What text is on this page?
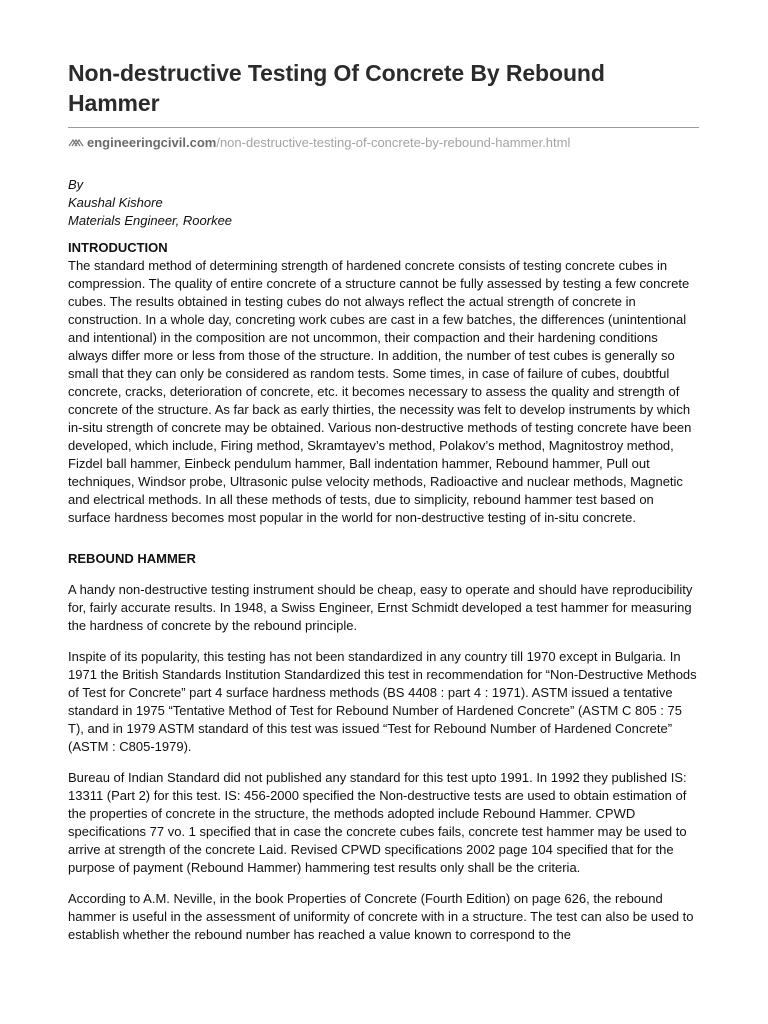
Non-destructive Testing Of Concrete By Rebound Hammer
engineeringcivil.com/non-destructive-testing-of-concrete-by-rebound-hammer.html
By
Kaushal Kishore
Materials Engineer, Roorkee
INTRODUCTION

The standard method of determining strength of hardened concrete consists of testing concrete cubes in compression. The quality of entire concrete of a structure cannot be fully assessed by testing a few concrete cubes. The results obtained in testing cubes do not always reflect the actual strength of concrete in construction. In a whole day, concreting work cubes are cast in a few batches, the differences (unintentional and intentional) in the composition are not uncommon, their compaction and their hardening conditions always differ more or less from those of the structure. In addition, the number of test cubes is generally so small that they can only be considered as random tests. Some times, in case of failure of cubes, doubtful concrete, cracks, deterioration of concrete, etc. it becomes necessary to assess the quality and strength of concrete of the structure. As far back as early thirties, the necessity was felt to develop instruments by which in-situ strength of concrete may be obtained. Various non-destructive methods of testing concrete have been developed, which include, Firing method, Skramtayev’s method, Polakov’s method, Magnitostroy method, Fizdel ball hammer, Einbeck pendulum hammer, Ball indentation hammer, Rebound hammer, Pull out techniques, Windsor probe, Ultrasonic pulse velocity methods, Radioactive and nuclear methods, Magnetic and electrical methods. In all these methods of tests, due to simplicity, rebound hammer test based on surface hardness becomes most popular in the world for non-destructive testing of in-situ concrete.

REBOUND HAMMER

A handy non-destructive testing instrument should be cheap, easy to operate and should have reproducibility for, fairly accurate results. In 1948, a Swiss Engineer, Ernst Schmidt developed a test hammer for measuring the hardness of concrete by the rebound principle.

Inspite of its popularity, this testing has not been standardized in any country till 1970 except in Bulgaria. In 1971 the British Standards Institution Standardized this test in recommendation for “Non-Destructive Methods of Test for Concrete” part 4 surface hardness methods (BS 4408 : part 4 : 1971). ASTM issued a tentative standard in 1975 “Tentative Method of Test for Rebound Number of Hardened Concrete” (ASTM C 805 : 75 T), and in 1979 ASTM standard of this test was issued “Test for Rebound Number of Hardened Concrete” (ASTM : C805-1979).

Bureau of Indian Standard did not published any standard for this test upto 1991. In 1992 they published IS: 13311 (Part 2) for this test. IS: 456-2000 specified the Non-destructive tests are used to obtain estimation of the properties of concrete in the structure, the methods adopted include Rebound Hammer. CPWD specifications 77 vo. 1 specified that in case the concrete cubes fails, concrete test hammer may be used to arrive at strength of the concrete Laid. Revised CPWD specifications 2002 page 104 specified that for the purpose of payment (Rebound Hammer) hammering test results only shall be the criteria.

According to A.M. Neville, in the book Properties of Concrete (Fourth Edition) on page 626, the rebound hammer is useful in the assessment of uniformity of concrete with in a structure. The test can also be used to establish whether the rebound number has reached a value known to correspond to the
